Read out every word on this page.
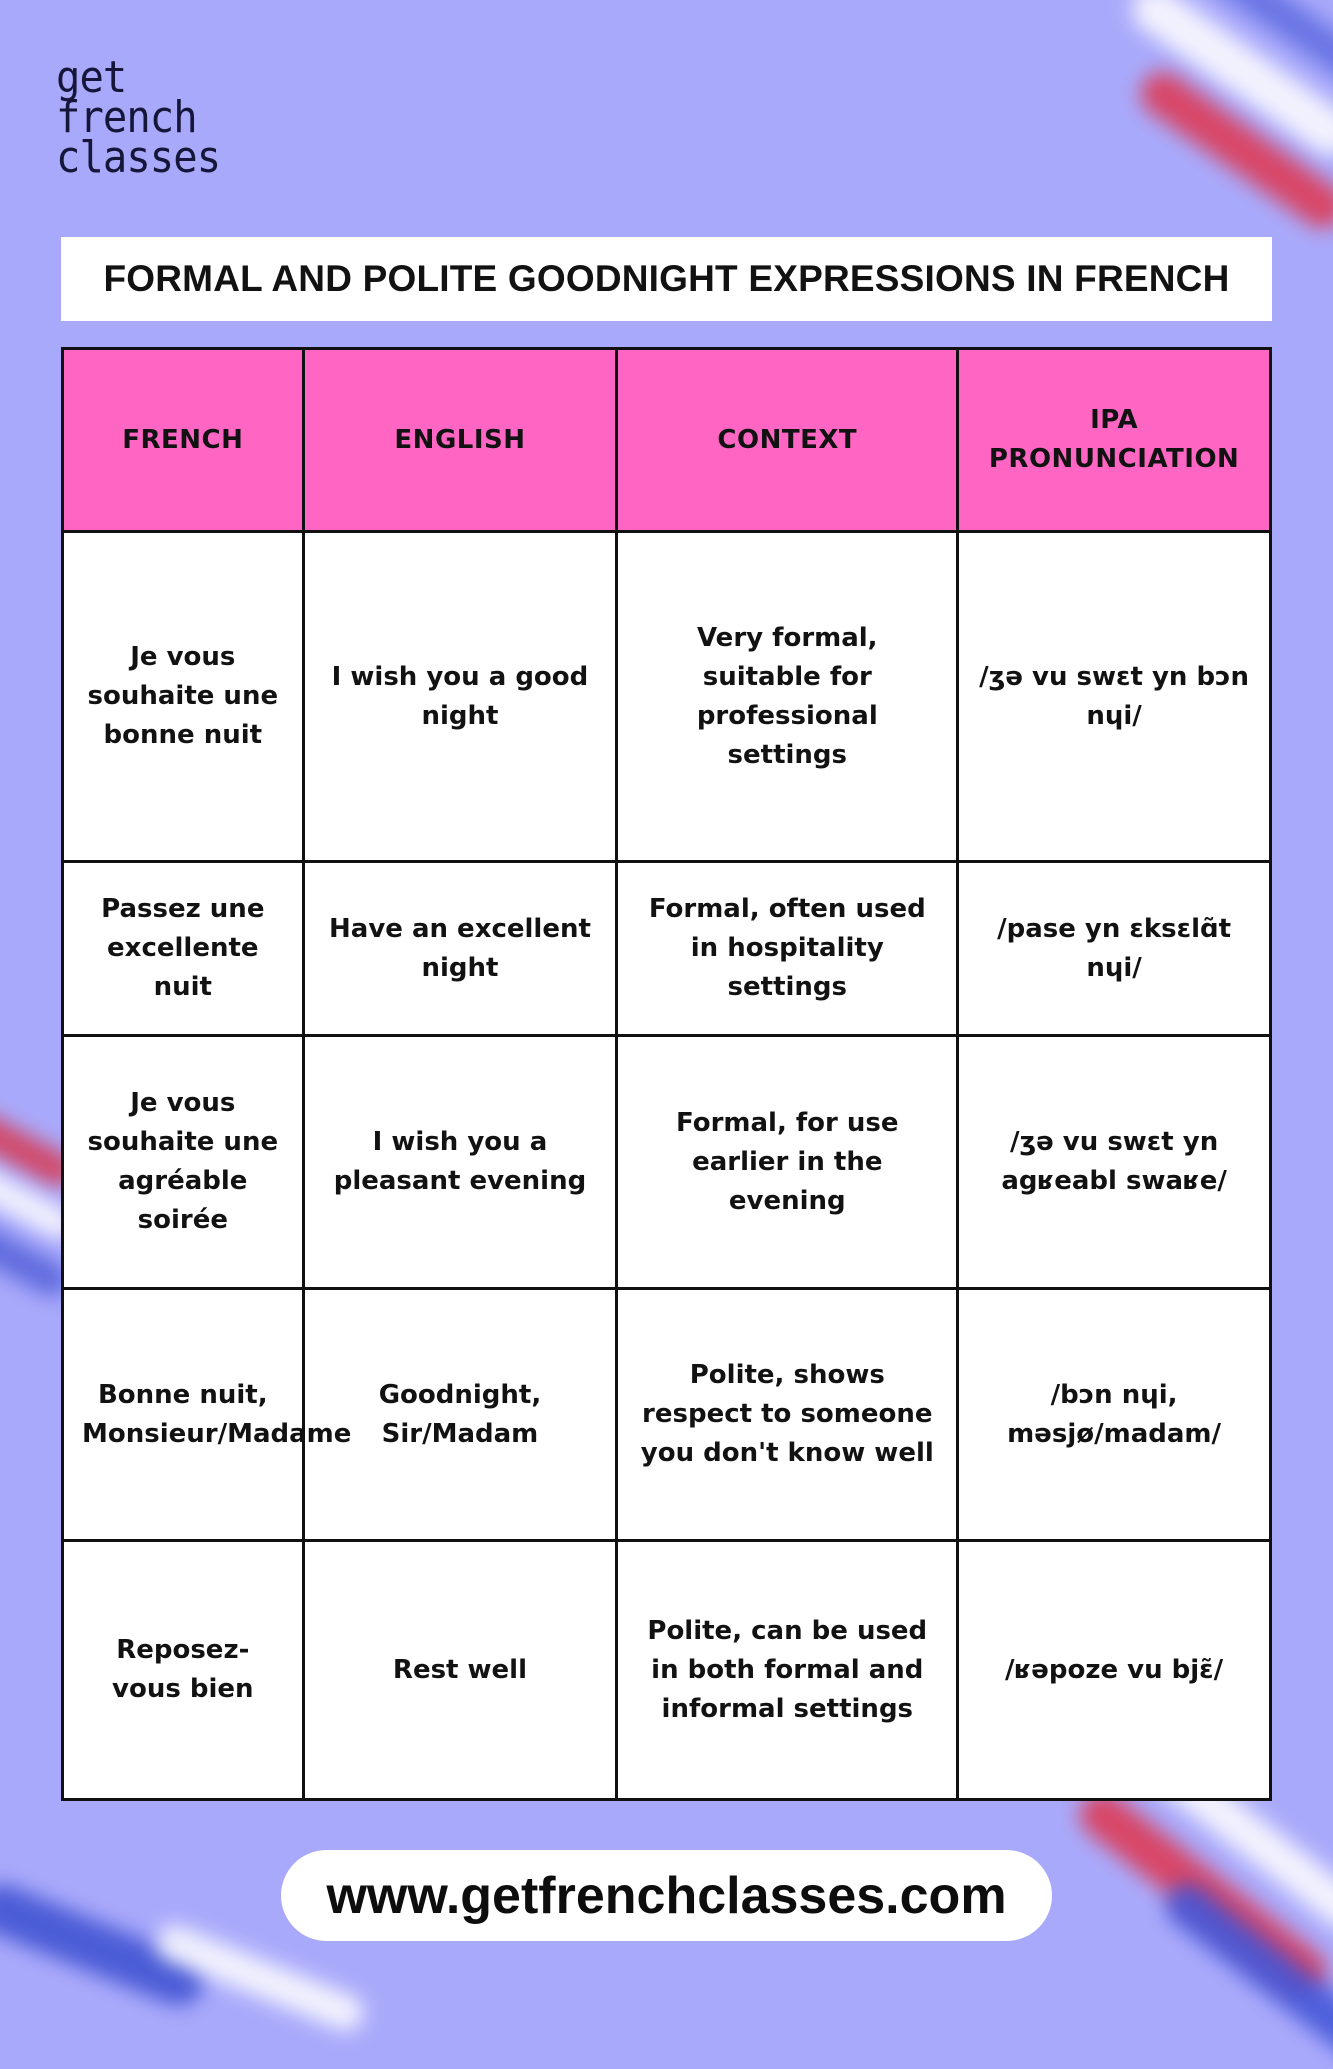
get
french
classes
FORMAL AND POLITE GOODNIGHT EXPRESSIONS IN FRENCH
FRENCH	ENGLISH	CONTEXT	IPA PRONUNCIATION
Je vous souhaite une bonne nuit	I wish you a good night	Very formal, suitable for professional settings	/ʒə vu swɛt yn bɔn nɥi/
Passez une excellente nuit	Have an excellent night	Formal, often used in hospitality settings	/pase yn ɛksɛlɑ̃t nɥi/
Je vous souhaite une agréable soirée	I wish you a pleasant evening	Formal, for use earlier in the evening	/ʒə vu swɛt yn agʁeabl swaʁe/
Bonne nuit, Monsieur/Madame	Goodnight, Sir/Madam	Polite, shows respect to someone you don't know well	/bɔn nɥi, məsjø/madam/
Reposez-vous bien	Rest well	Polite, can be used in both formal and informal settings	/ʁəpoze vu bjɛ̃/
www.getfrenchclasses.com
